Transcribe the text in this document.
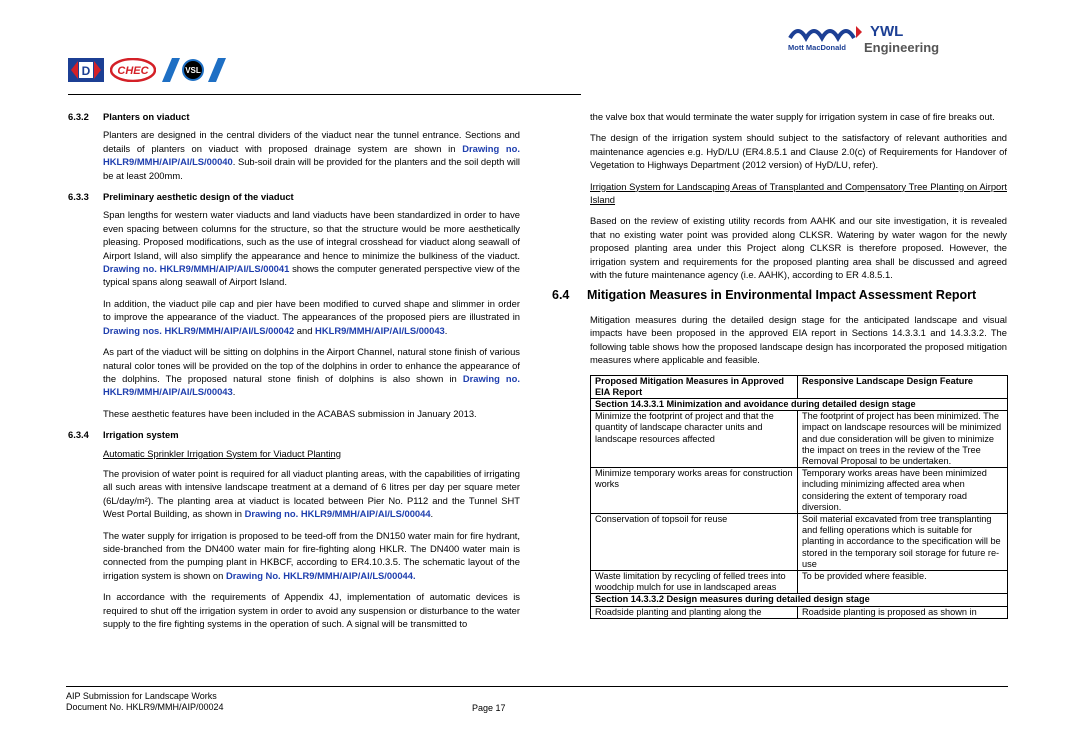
D CHEC	VSL
Mott MacDonald
YWL
Engineering
6.3.2	Planters on viaduct

Planters are designed in the central dividers of the viaduct near the tunnel entrance. Sections and details of planters on viaduct with proposed drainage system are shown in Drawing no. HKLR9/MMH/AIP/AI/LS/00040. Sub-soil drain will be provided for the planters and the soil depth will be at least 200mm.

6.3.3	Preliminary aesthetic design of the viaduct

Span lengths for western water viaducts and land viaducts have been standardized in order to have even spacing between columns for the structure, so that the structure would be more aesthetically pleasing. Proposed modifications, such as the use of integral crosshead for viaduct along seawall of Airport Island, will also simplify the appearance and hence to minimize the bulkiness of the viaduct. Drawing no. HKLR9/MMH/AIP/AI/LS/00041 shows the computer generated perspective view of the typical spans along seawall of Airport Island.

In addition, the viaduct pile cap and pier have been modified to curved shape and slimmer in order to improve the appearance of the viaduct. The appearances of the proposed piers are illustrated in Drawing nos. HKLR9/MMH/AIP/AI/LS/00042 and HKLR9/MMH/AIP/AI/LS/00043.

As part of the viaduct will be sitting on dolphins in the Airport Channel, natural stone finish of various natural color tones will be provided on the top of the dolphins in order to enhance the appearance of the dolphins. The proposed natural stone finish of dolphins is also shown in Drawing no. HKLR9/MMH/AIP/AI/LS/00043.

These aesthetic features have been included in the ACABAS submission in January 2013.

6.3.4	Irrigation system

Automatic Sprinkler Irrigation System for Viaduct Planting

The provision of water point is required for all viaduct planting areas, with the capabilities of irrigating all such areas with intensive landscape treatment at a demand of 6 litres per day per square meter (6L/day/m²). The planting area at viaduct is located between Pier No. P112 and the Tunnel SHT West Portal Building, as shown in Drawing no. HKLR9/MMH/AIP/AI/LS/00044.

The water supply for irrigation is proposed to be teed-off from the DN150 water main for fire hydrant, side-branched from the DN400 water main for fire-fighting along HKLR. The DN400 water main is connected from the pumping plant in HKBCF, according to ER4.10.3.5. The schematic layout of the irrigation system is shown on Drawing No. HKLR9/MMH/AIP/AI/LS/00044.

In accordance with the requirements of Appendix 4J, implementation of automatic devices is required to shut off the irrigation system in order to avoid any suspension or disturbance to the water supply to the fire fighting systems in the operation of such. A signal will be transmitted to

the valve box that would terminate the water supply for irrigation system in case of fire breaks out.

The design of the irrigation system should subject to the satisfactory of relevant authorities and maintenance agencies e.g. HyD/LU (ER4.8.5.1 and Clause 2.0(c) of Requirements for Handover of Vegetation to Highways Department (2012 version) of HyD/LU, refer).

Irrigation System for Landscaping Areas of Transplanted and Compensatory Tree Planting on Airport Island

Based on the review of existing utility records from AAHK and our site investigation, it is revealed that no existing water point was provided along CLKSR. Watering by water wagon for the newly proposed planting area under this Project along CLKSR is therefore proposed. However, the irrigation system and requirements for the proposed planting area shall be discussed and agreed with the future maintenance agency (i.e. AAHK), according to ER 4.8.5.1.

6.4	Mitigation Measures in Environmental Impact Assessment Report

Mitigation measures during the detailed design stage for the anticipated landscape and visual impacts have been proposed in the approved EIA report in Sections 14.3.3.1 and 14.3.3.2. The following table shows how the proposed landscape design has incorporated the proposed mitigation measures where applicable and feasible.

Proposed Mitigation Measures in Approved EIA Report	Responsive Landscape Design Feature
Section 14.3.3.1 Minimization and avoidance during detailed design stage	
Minimize the footprint of project and that the quantity of landscape character units and landscape resources affected	The footprint of project has been minimized. The impact on landscape resources will be minimized and due consideration will be given to minimize the impact on trees in the review of the Tree Removal Proposal to be undertaken.
Minimize temporary works areas for construction works	Temporary works areas have been minimized including minimizing affected area when considering the extent of temporary road diversion.
Conservation of topsoil for reuse	Soil material excavated from tree transplanting and felling operations which is suitable for planting in accordance to the specification will be stored in the temporary soil storage for future re-use
Waste limitation by recycling of felled trees into woodchip mulch for use in landscaped areas	To be provided where feasible.
Section 14.3.3.2 Design measures during detailed design stage	
Roadside planting and planting along the	Roadside planting is proposed as shown in
AIP Submission for Landscape Works
Document No. HKLR9/MMH/AIP/00024	Page 17
